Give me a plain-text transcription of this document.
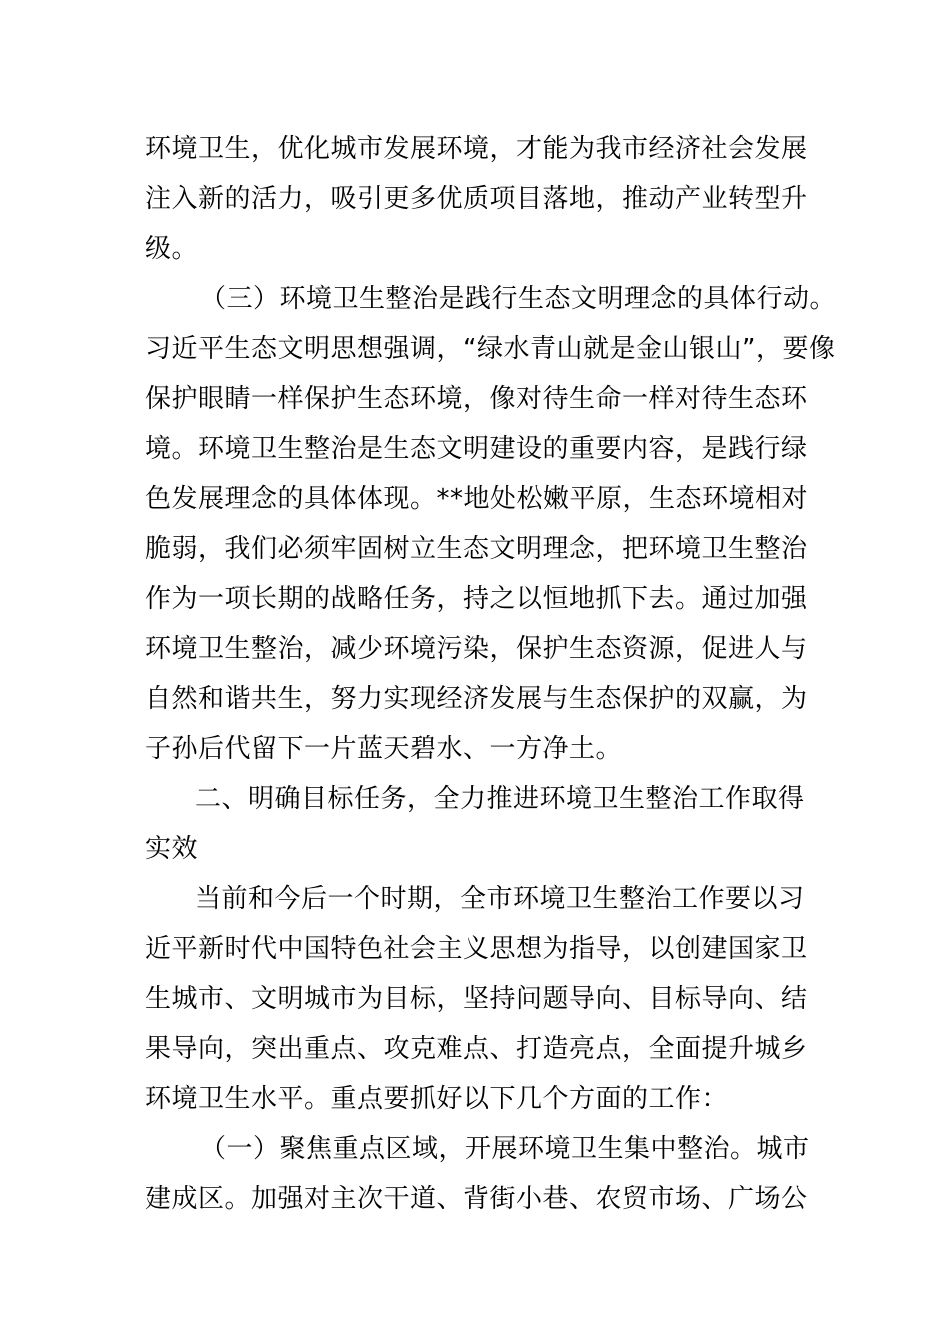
环境卫生，优化城市发展环境，才能为我市经济社会发展
注入新的活力，吸引更多优质项目落地，推动产业转型升
级。
（三）环境卫生整治是践行生态文明理念的具体行动。
习近平生态文明思想强调，“绿水青山就是金山银山”，要像
保护眼睛一样保护生态环境，像对待生命一样对待生态环
境。环境卫生整治是生态文明建设的重要内容，是践行绿
色发展理念的具体体现。**地处松嫩平原，生态环境相对
脆弱，我们必须牢固树立生态文明理念，把环境卫生整治
作为一项长期的战略任务，持之以恒地抓下去。通过加强
环境卫生整治，减少环境污染，保护生态资源，促进人与
自然和谐共生，努力实现经济发展与生态保护的双赢，为
子孙后代留下一片蓝天碧水、一方净土。
二、明确目标任务，全力推进环境卫生整治工作取得
实效
当前和今后一个时期，全市环境卫生整治工作要以习
近平新时代中国特色社会主义思想为指导，以创建国家卫
生城市、文明城市为目标，坚持问题导向、目标导向、结
果导向，突出重点、攻克难点、打造亮点，全面提升城乡
环境卫生水平。重点要抓好以下几个方面的工作：
（一）聚焦重点区域，开展环境卫生集中整治。城市
建成区。加强对主次干道、背街小巷、农贸市场、广场公
